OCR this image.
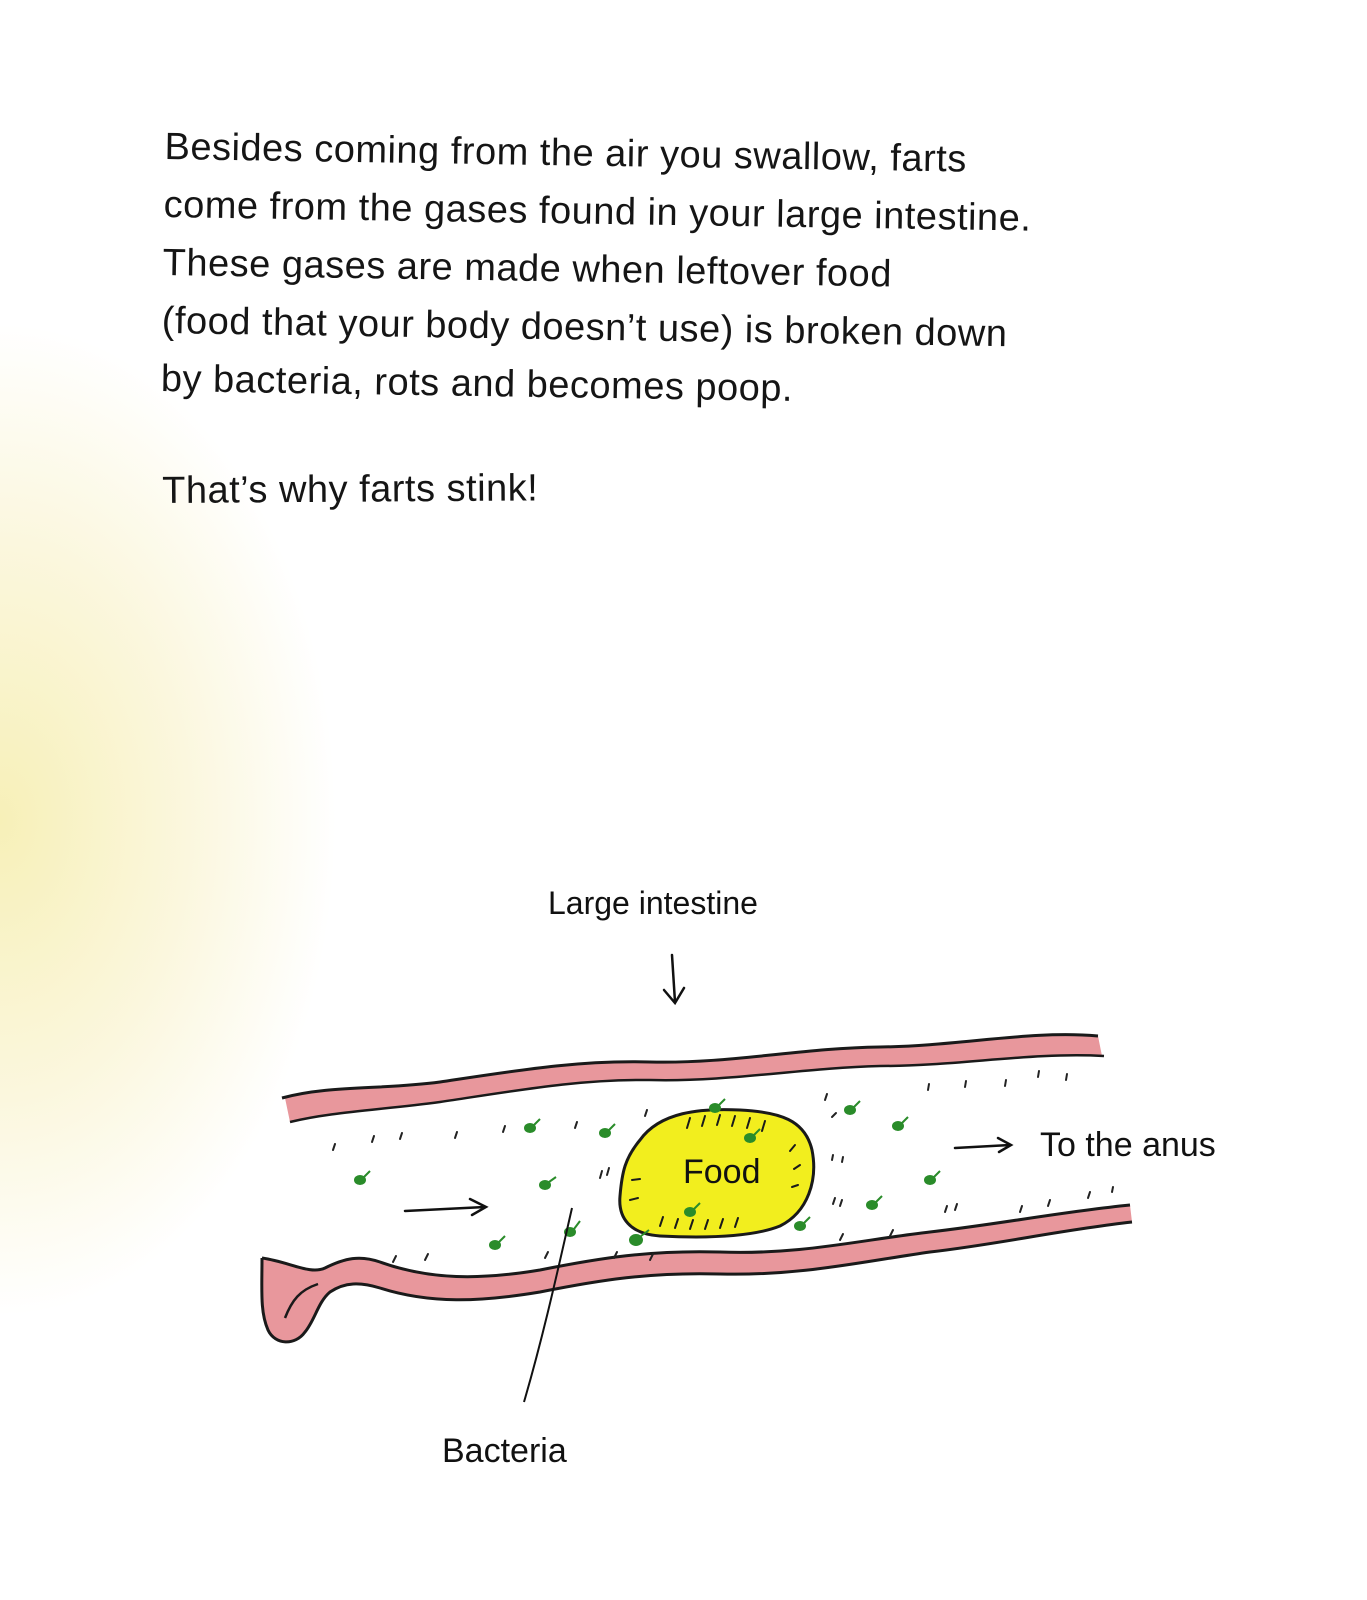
Besides coming from the air you swallow, farts
come from the gases found in your large intestine.
These gases are made when leftover food
(food that your body doesn’t use) is broken down
by bacteria, rots and becomes poop.
That’s why farts stink!
Large intestine
Food
To the anus
Bacteria
